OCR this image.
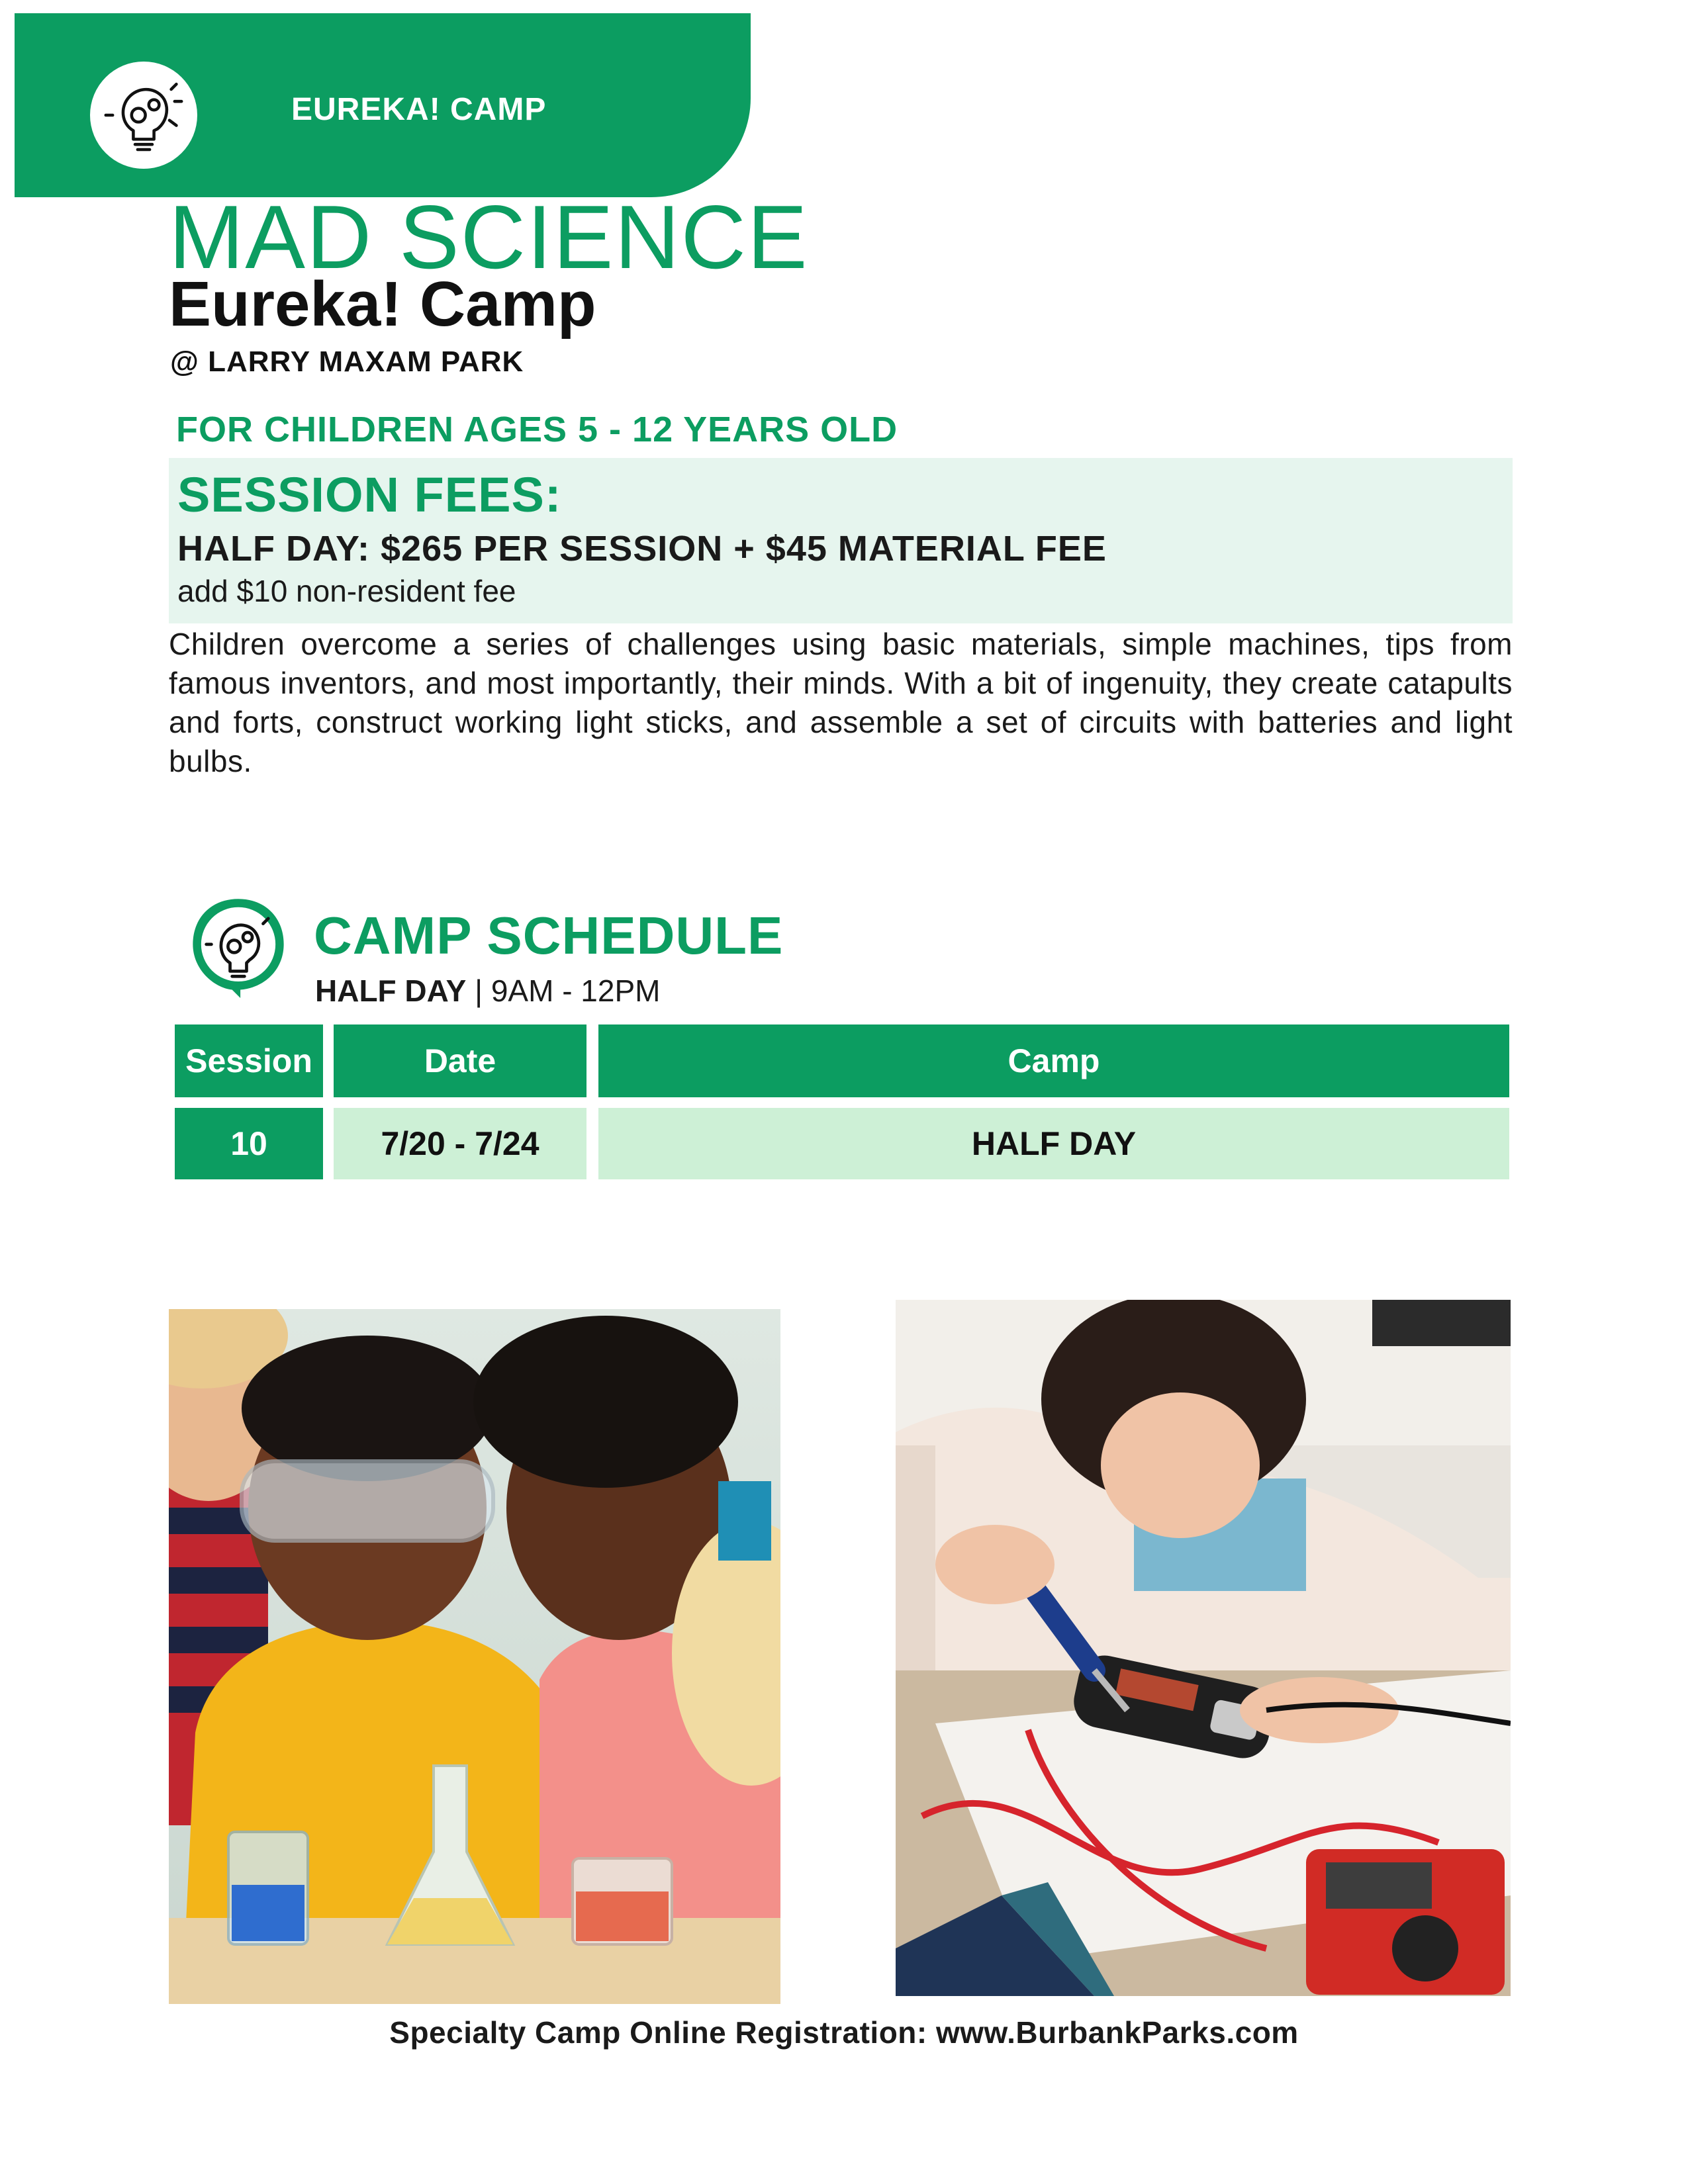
EUREKA! CAMP
MAD SCIENCE
Eureka! Camp
@ LARRY MAXAM PARK
FOR CHILDREN AGES 5 - 12 YEARS OLD
SESSION FEES:
HALF DAY: $265 PER SESSION + $45 MATERIAL FEE
add $10 non-resident fee
Children overcome a series of challenges using basic materials, simple machines, tips from famous inventors, and most importantly, their minds. With a bit of ingenuity, they create catapults and forts, construct working light sticks, and assemble a set of circuits with batteries and light bulbs.
CAMP SCHEDULE
HALF DAY | 9AM - 12PM
Session	Date	Camp
10	7/20 - 7/24	HALF DAY
Specialty Camp Online Registration: www.BurbankParks.com
